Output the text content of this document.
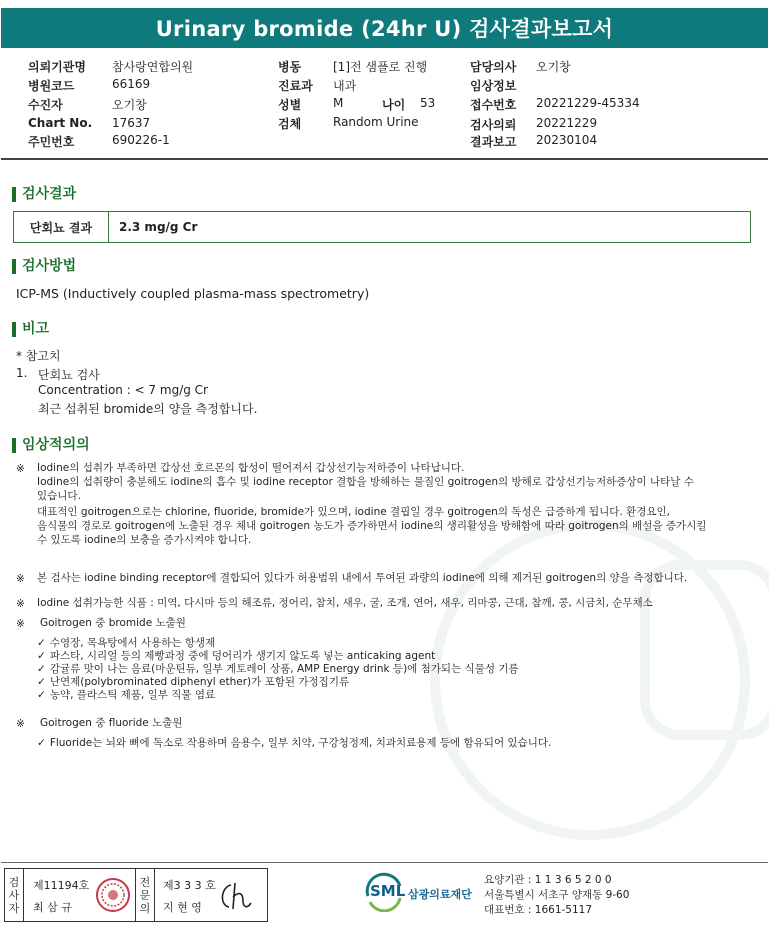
Urinary bromide (24hr U) 검사결과보고서
의뢰기관명 참사랑연합의원
병원코드	66169
수진자	오기창
Chart No. 17637
주민번호	690226-1
병동	[1]전 샘플로 진행
진료과 내과
성별	M	나이 53
검체	Random Urine
담당의사 오기창
임상정보
접수번호 20221229-45334
검사의뢰 20221229
결과보고 20230104
검사결과
단회뇨 결과	2.3 mg/g Cr
검사방법
ICP-MS (Inductively coupled plasma-mass spectrometry)
비고
* 참고치
1. 단회뇨 검사
Concentration : < 7 mg/g Cr
최근 섭취된 bromide의 양을 측정합니다.
임상적의의
※ Iodine의 섭취가 부족하면 갑상선 호르몬의 합성이 떨어져서 갑상선기능저하증이 나타납니다.
Iodine의 섭취량이 충분해도 iodine의 흡수 및 iodine receptor 결합을 방해하는 물질인 goitrogen의 방해로 갑상선기능저하증상이 나타날 수
있습니다.
대표적인 goitrogen으로는 chlorine, fluoride, bromide가 있으며, iodine 결핍일 경우 goitrogen의 독성은 급증하게 됩니다. 환경요인,
음식물의 경로로 goitrogen에 노출된 경우 체내 goitrogen 농도가 증가하면서 iodine의 생리활성을 방해함에 따라 goitrogen의 배설을 증가시킬
수 있도록 iodine의 보충을 증가시켜야 합니다.
※ 본 검사는 iodine binding receptor에 결합되어 있다가 허용범위 내에서 투여된 과량의 iodine에 의해 제거된 goitrogen의 양을 측정합니다.
※ Iodine 섭취가능한 식품 : 미역, 다시마 등의 해조류, 정어리, 참치, 새우, 굴, 조개, 연어, 새우, 리마콩, 근대, 참깨, 콩, 시금치, 순무채소
※ Goitrogen 중 bromide 노출원
✓ 수영장, 목욕탕에서 사용하는 항생제
✓ 파스타, 시리얼 등의 제빵과정 중에 덩어리가 생기지 않도록 넣는 anticaking agent
✓ 감귤류 맛이 나는 음료(마운틴듀, 일부 게토레이 상품, AMP Energy drink 등)에 첨가되는 식물성 기름
✓ 난연제(polybrominated diphenyl ether)가 포함된 가정집기류
✓ 농약, 플라스틱 제품, 일부 직물 염료
※ Goitrogen 중 fluoride 노출원
✓ Fluoride는 뇌와 뼈에 독소로 작용하며 음용수, 일부 치약, 구강청정제, 치과치료용제 등에 함유되어 있습니다.
검
사
자
제11194호
최 삼 규
전
문
의
제3 3 3 호
지 현 영
SML 삼광의료재단
요양기관 : 1 1 3 6 5 2 0 0
서울특별시 서초구 양재동 9-60
대표번호 : 1661-5117
